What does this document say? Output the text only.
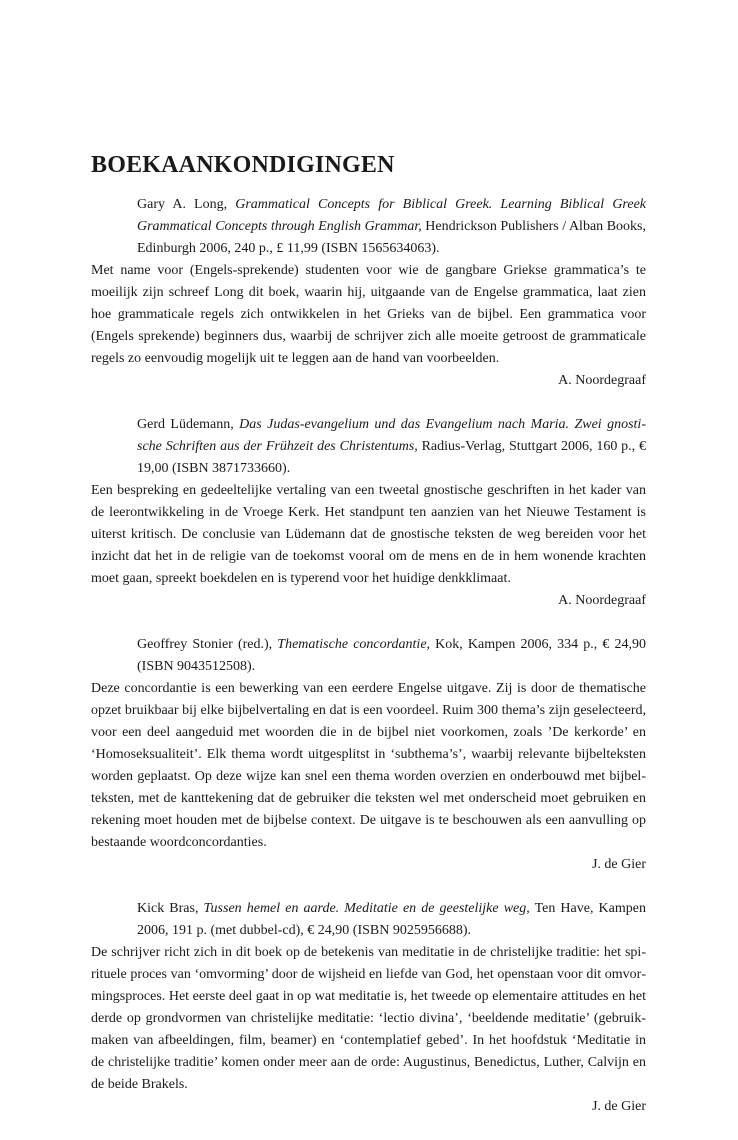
BOEKAANKONDIGINGEN
Gary A. Long, Grammatical Concepts for Biblical Greek. Learning Biblical Greek Grammatical Concepts through English Grammar, Hendrickson Publishers / Alban Books, Edinburgh 2006, 240 p., £ 11,99 (ISBN 1565634063).

Met name voor (Engels-sprekende) studenten voor wie de gangbare Griekse grammatica’s te moeilijk zijn schreef Long dit boek, waarin hij, uitgaande van de Engelse grammatica, laat zien hoe grammaticale regels zich ontwikkelen in het Grieks van de bijbel. Een grammatica voor (Engels sprekende) beginners dus, waarbij de schrijver zich alle moeite getroost de grammaticale regels zo eenvoudig mogelijk uit te leggen aan de hand van voorbeelden.

A. Noordegraaf
Gerd Lüdemann, Das Judas-evangelium und das Evangelium nach Maria. Zwei gnostische Schriften aus der Frühzeit des Christentums, Radius-Verlag, Stuttgart 2006, 160 p., € 19,00 (ISBN 3871733660).

Een bespreking en gedeeltelijke vertaling van een tweetal gnostische geschriften in het kader van de leerontwikkeling in de Vroege Kerk. Het standpunt ten aanzien van het Nieuwe Testament is uiterst kritisch. De conclusie van Lüdemann dat de gnostische teksten de weg bereiden voor het inzicht dat het in de religie van de toekomst vooral om de mens en de in hem wonende krachten moet gaan, spreekt boekdelen en is typerend voor het huidige denkklimaat.

A. Noordegraaf
Geoffrey Stonier (red.), Thematische concordantie, Kok, Kampen 2006, 334 p., € 24,90 (ISBN 9043512508).

Deze concordantie is een bewerking van een eerdere Engelse uitgave. Zij is door de thematische opzet bruikbaar bij elke bijbelvertaling en dat is een voordeel. Ruim 300 thema’s zijn geselecteerd, voor een deel aangeduid met woorden die in de bijbel niet voorkomen, zoals ’De kerkorde’ en ‘Homoseksualiteit’. Elk thema wordt uitgesplitst in ‘subthema’s’, waarbij relevante bijbelteksten worden geplaatst. Op deze wijze kan snel een thema worden overzien en onderbouwd met bijbelteksten, met de kanttekening dat de gebruiker die teksten wel met onderscheid moet gebruiken en rekening moet houden met de bijbelse context. De uitgave is te beschouwen als een aanvulling op bestaande woordconcordanties.

J. de Gier
Kick Bras, Tussen hemel en aarde. Meditatie en de geestelijke weg, Ten Have, Kampen 2006, 191 p. (met dubbel-cd), € 24,90 (ISBN 9025956688).

De schrijver richt zich in dit boek op de betekenis van meditatie in de christelijke traditie: het spirituele proces van ‘omvorming’ door de wijsheid en liefde van God, het openstaan voor dit omvormingsproces. Het eerste deel gaat in op wat meditatie is, het tweede op elementaire attitudes en het derde op grondvormen van christelijke meditatie: ‘lectio divina’, ‘beeldende meditatie’ (gebruikmaken van afbeeldingen, film, beamer) en ‘contemplatief gebed’. In het hoofdstuk ‘Meditatie in de christelijke traditie’ komen onder meer aan de orde: Augustinus, Benedictus, Luther, Calvijn en de beide Brakels.

J. de Gier
